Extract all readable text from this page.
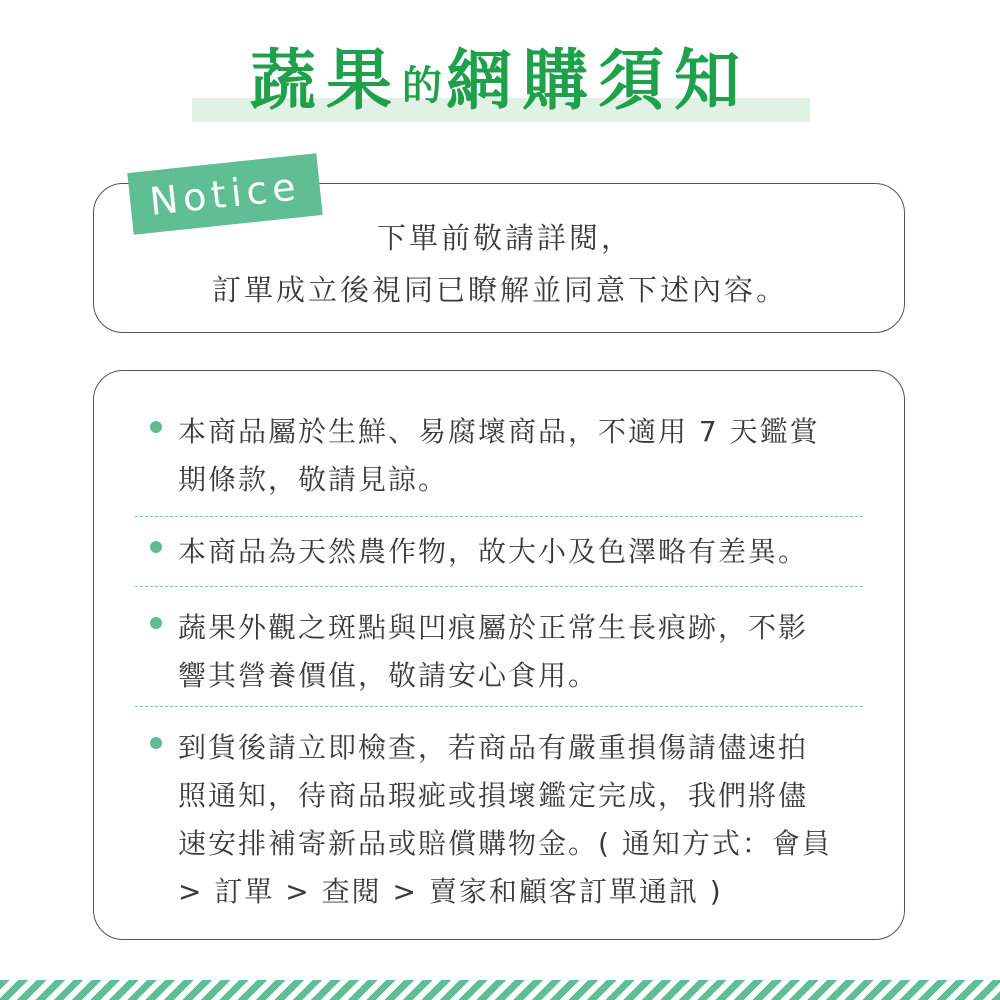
蔬果的網購須知
Notice
下單前敬請詳閱，
訂單成立後視同已瞭解並同意下述內容。
本商品屬於生鮮、易腐壞商品，不適用 7 天鑑賞
期條款，敬請見諒。
本商品為天然農作物，故大小及色澤略有差異。
蔬果外觀之斑點與凹痕屬於正常生長痕跡，不影
響其營養價值，敬請安心食用。
到貨後請立即檢查，若商品有嚴重損傷請儘速拍
照通知，待商品瑕疵或損壞鑑定完成，我們將儘
速安排補寄新品或賠償購物金。( 通知方式：會員
> 訂單 > 查閱 > 賣家和顧客訂單通訊 )
